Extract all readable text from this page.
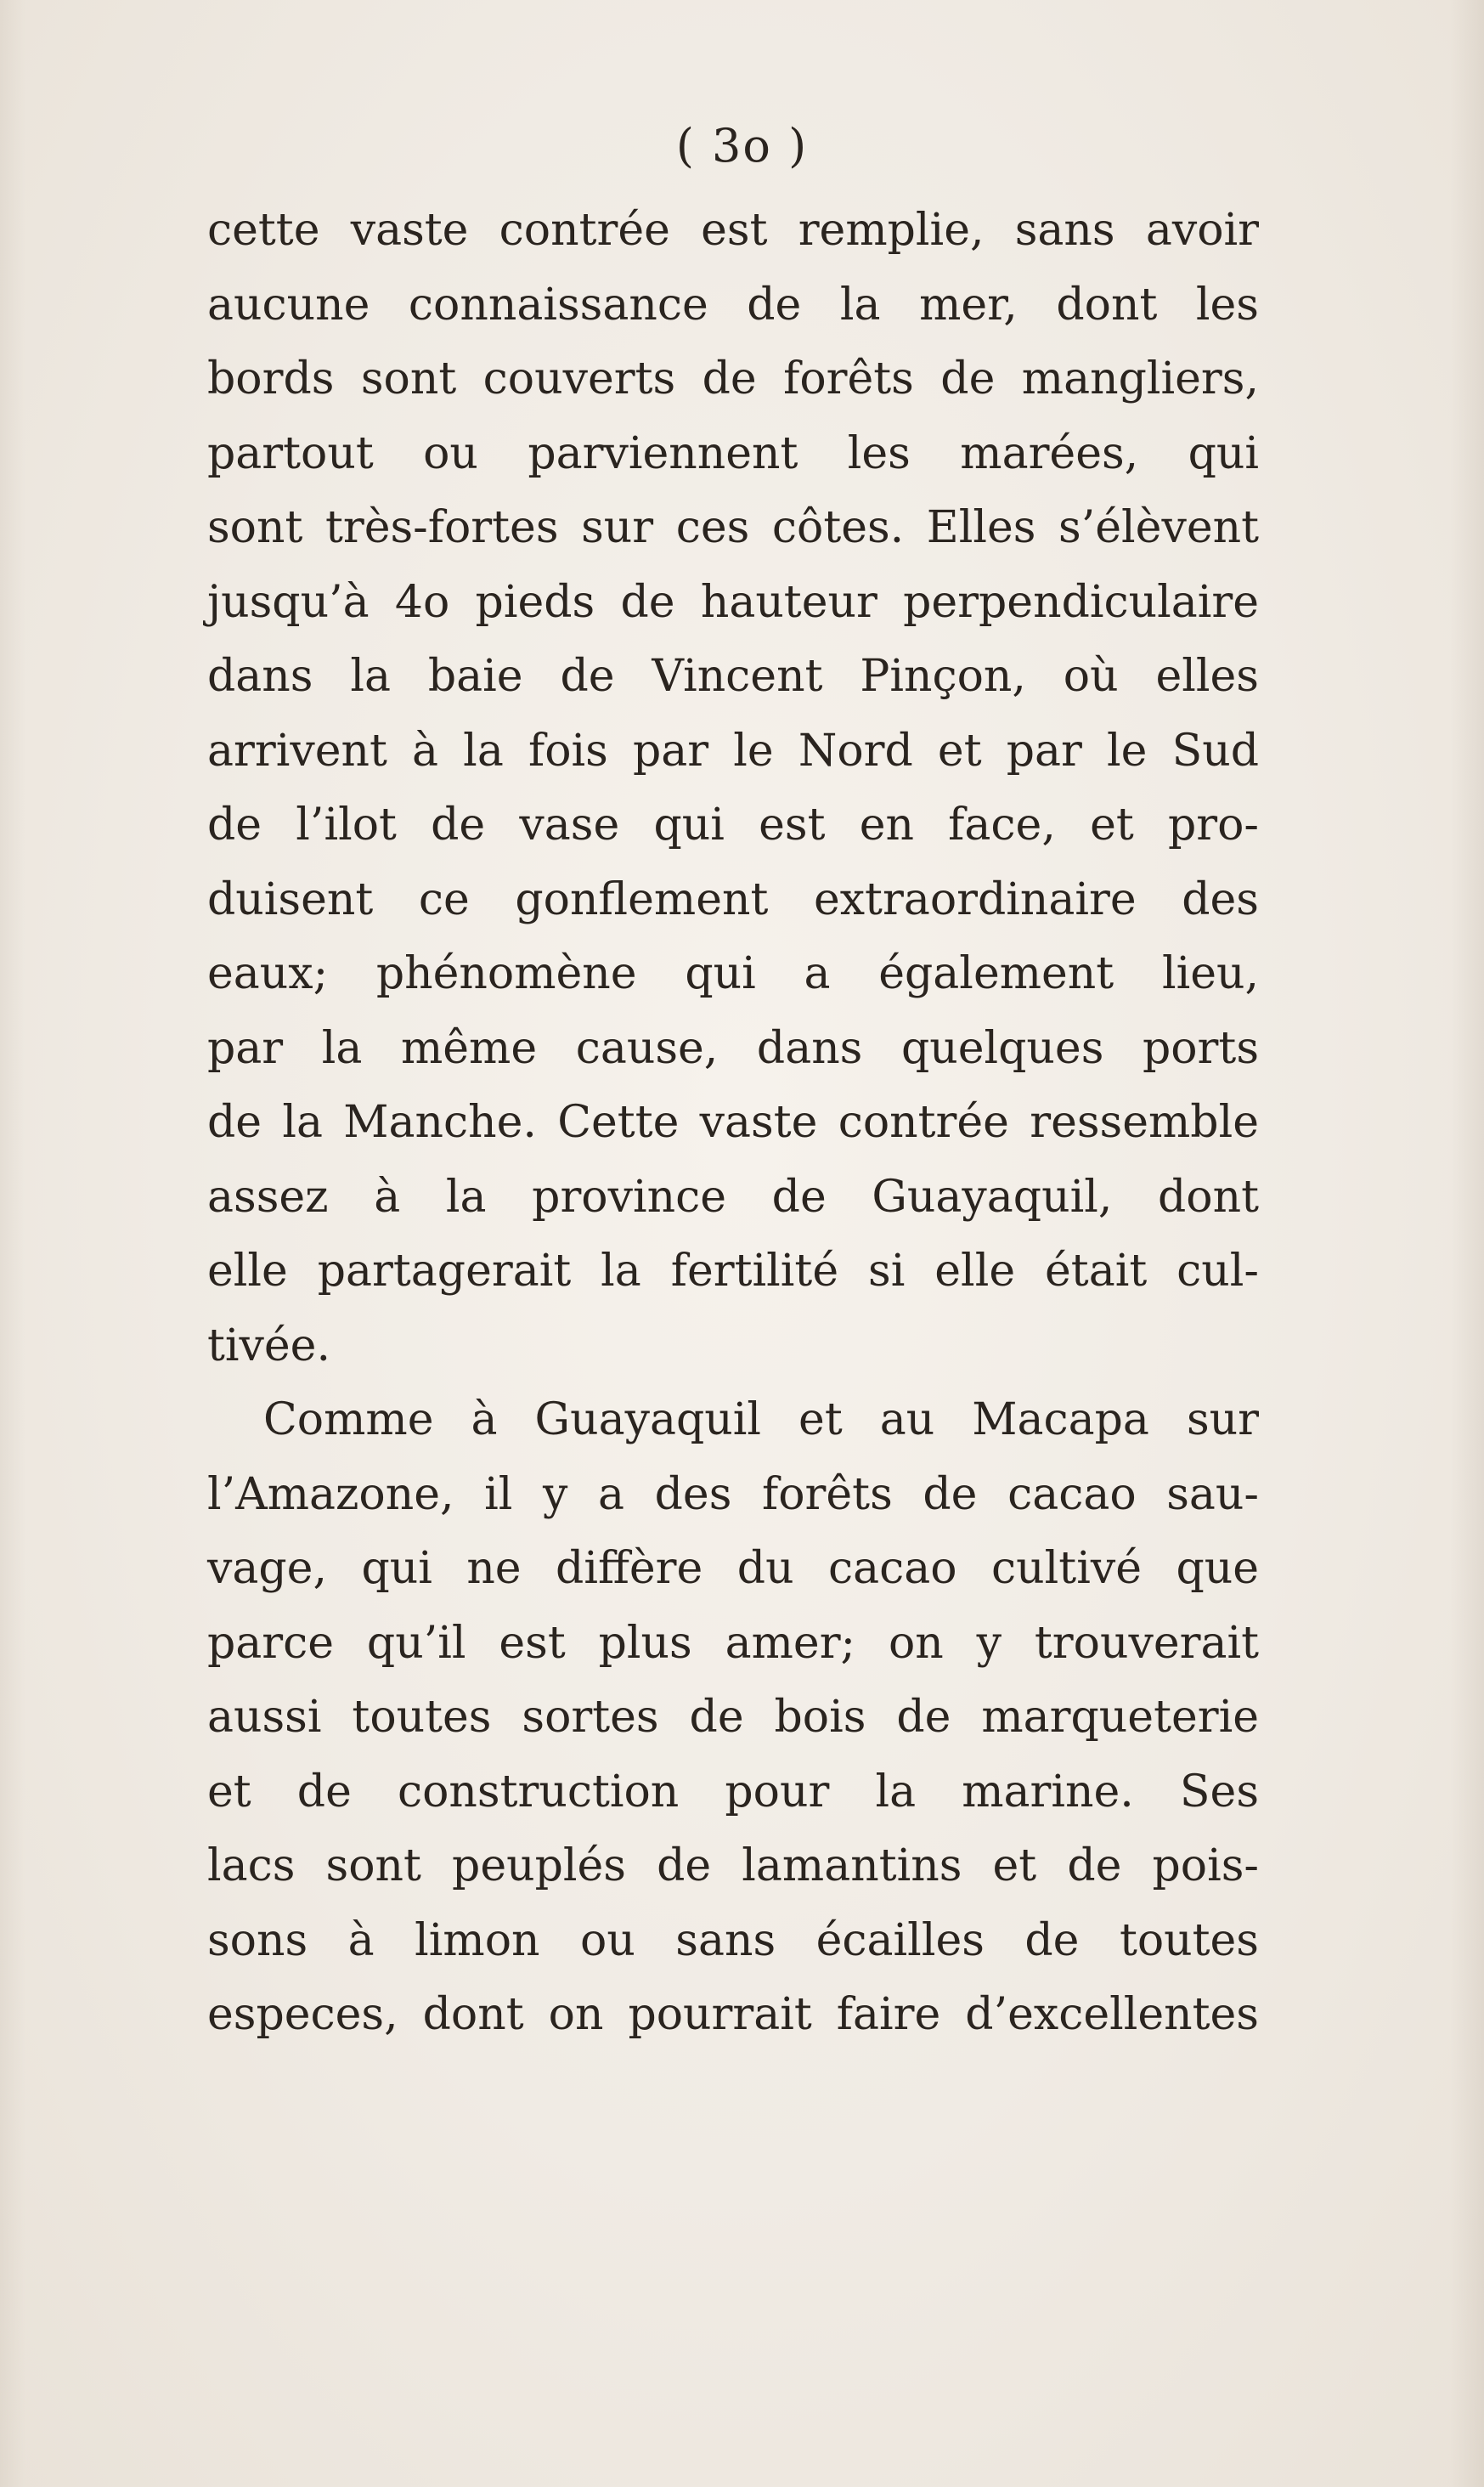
( 3o )
cette vaste contrée est remplie, sans avoir
aucune connaissance de la mer, dont les
bords sont couverts de forêts de mangliers,
partout ou parviennent les marées, qui
sont très-fortes sur ces côtes. Elles s’élèvent
jusqu’à 4o pieds de hauteur perpendiculaire
dans la baie de Vincent Pinçon, où elles
arrivent à la fois par le Nord et par le Sud
de l’ilot de vase qui est en face, et pro-
duisent ce gonflement extraordinaire des
eaux; phénomène qui a également lieu,
par la même cause, dans quelques ports
de la Manche. Cette vaste contrée ressemble
assez à la province de Guayaquil, dont
elle partagerait la fertilité si elle était cul-
tivée.
Comme à Guayaquil et au Macapa sur
l’Amazone, il y a des forêts de cacao sau-
vage, qui ne diffère du cacao cultivé que
parce qu’il est plus amer; on y trouverait
aussi toutes sortes de bois de marqueterie
et de construction pour la marine. Ses
lacs sont peuplés de lamantins et de pois-
sons à limon ou sans écailles de toutes
especes, dont on pourrait faire d’excellentes
